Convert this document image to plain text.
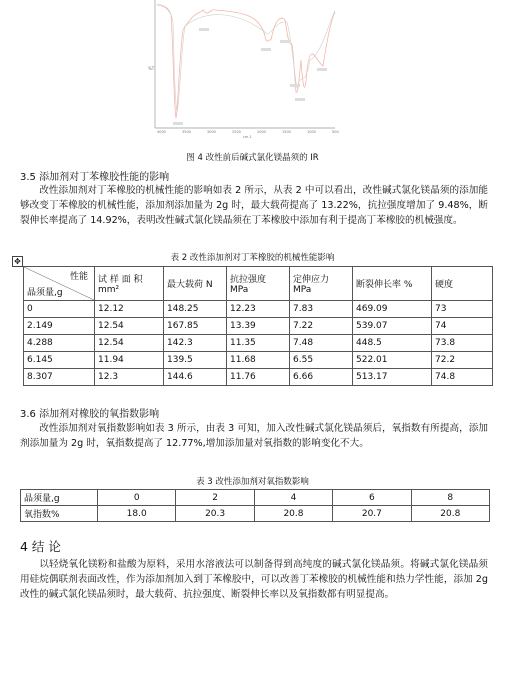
%T
4000	3500	3000	2500	2000	1500	1000	500
cm-1
图 4 改性前后碱式氯化镁晶须的 IR
3.5 添加剂对丁苯橡胶性能的影响
改性添加剂对丁苯橡胶的机械性能的影响如表 2 所示，从表 2 中可以看出，改性碱式氯化镁晶须的添加能够改变丁苯橡胶的机械性能，添加剂添加量为 2g 时，最大载荷提高了 13.22%，抗拉强度增加了 9.48%，断裂伸长率提高了 14.92%，表明改性碱式氯化镁晶须在丁苯橡胶中添加有利于提高丁苯橡胶的机械强度。
表 2 改性添加剂对丁苯橡胶的机械性能影响
✥
性能
晶须量,g	试 样 面 积 mm²	最大载荷 N	抗拉强度 MPa	定伸应力 MPa	断裂伸长率 %	硬度
0	12.12	148.25	12.23	7.83	469.09	73
2.149	12.54	167.85	13.39	7.22	539.07	74
4.288	12.54	142.3	11.35	7.48	448.5	73.8
6.145	11.94	139.5	11.68	6.55	522.01	72.2
8.307	12.3	144.6	11.76	6.66	513.17	74.8
3.6 添加剂对橡胶的氧指数影响
改性添加剂对氧指数影响如表 3 所示，由表 3 可知，加入改性碱式氯化镁晶须后，氧指数有所提高，添加剂添加量为 2g 时，氧指数提高了 12.77%,增加添加量对氧指数的影响变化不大。
表 3 改性添加剂对氧指数影响
晶须量,g	0	2	4	6	8
氧指数%	18.0	20.3	20.8	20.7	20.8
4 结 论
以轻烧氧化镁粉和盐酸为原料，采用水溶液法可以制备得到高纯度的碱式氯化镁晶须。将碱式氯化镁晶须用硅烷偶联剂表面改性，作为添加剂加入到丁苯橡胶中，可以改善丁苯橡胶的机械性能和热力学性能，添加 2g 改性的碱式氯化镁晶须时，最大载荷、抗拉强度、断裂伸长率以及氧指数都有明显提高。
